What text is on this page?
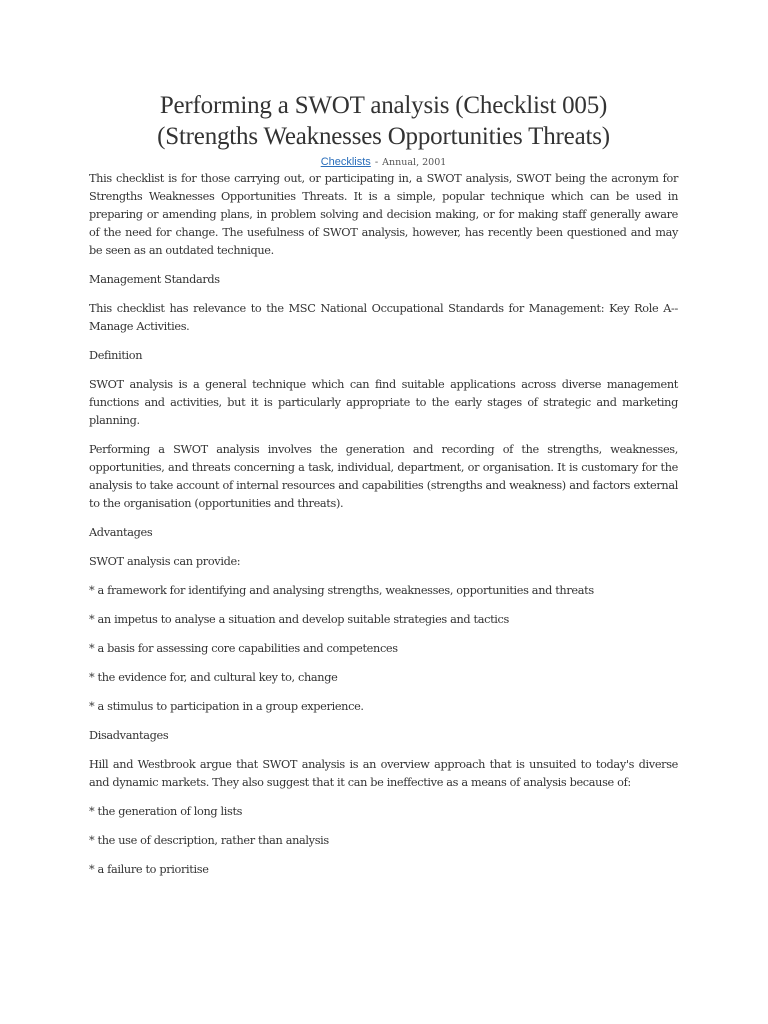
Performing a SWOT analysis (Checklist 005)
(Strengths Weaknesses Opportunities Threats)
Checklists - Annual, 2001

This checklist is for those carrying out, or participating in, a SWOT analysis, SWOT being the acronym for Strengths Weaknesses Opportunities Threats. It is a simple, popular technique which can be used in preparing or amending plans, in problem solving and decision making, or for making staff generally aware of the need for change. The usefulness of SWOT analysis, however, has recently been questioned and may be seen as an outdated technique.

Management Standards

This checklist has relevance to the MSC National Occupational Standards for Management: Key Role A--Manage Activities.

Definition

SWOT analysis is a general technique which can find suitable applications across diverse management functions and activities, but it is particularly appropriate to the early stages of strategic and marketing planning.

Performing a SWOT analysis involves the generation and recording of the strengths, weaknesses, opportunities, and threats concerning a task, individual, department, or organisation. It is customary for the analysis to take account of internal resources and capabilities (strengths and weakness) and factors external to the organisation (opportunities and threats).

Advantages

SWOT analysis can provide:

* a framework for identifying and analysing strengths, weaknesses, opportunities and threats

* an impetus to analyse a situation and develop suitable strategies and tactics

* a basis for assessing core capabilities and competences

* the evidence for, and cultural key to, change

* a stimulus to participation in a group experience.

Disadvantages

Hill and Westbrook argue that SWOT analysis is an overview approach that is unsuited to today's diverse and dynamic markets. They also suggest that it can be ineffective as a means of analysis because of:

* the generation of long lists

* the use of description, rather than analysis

* a failure to prioritise
